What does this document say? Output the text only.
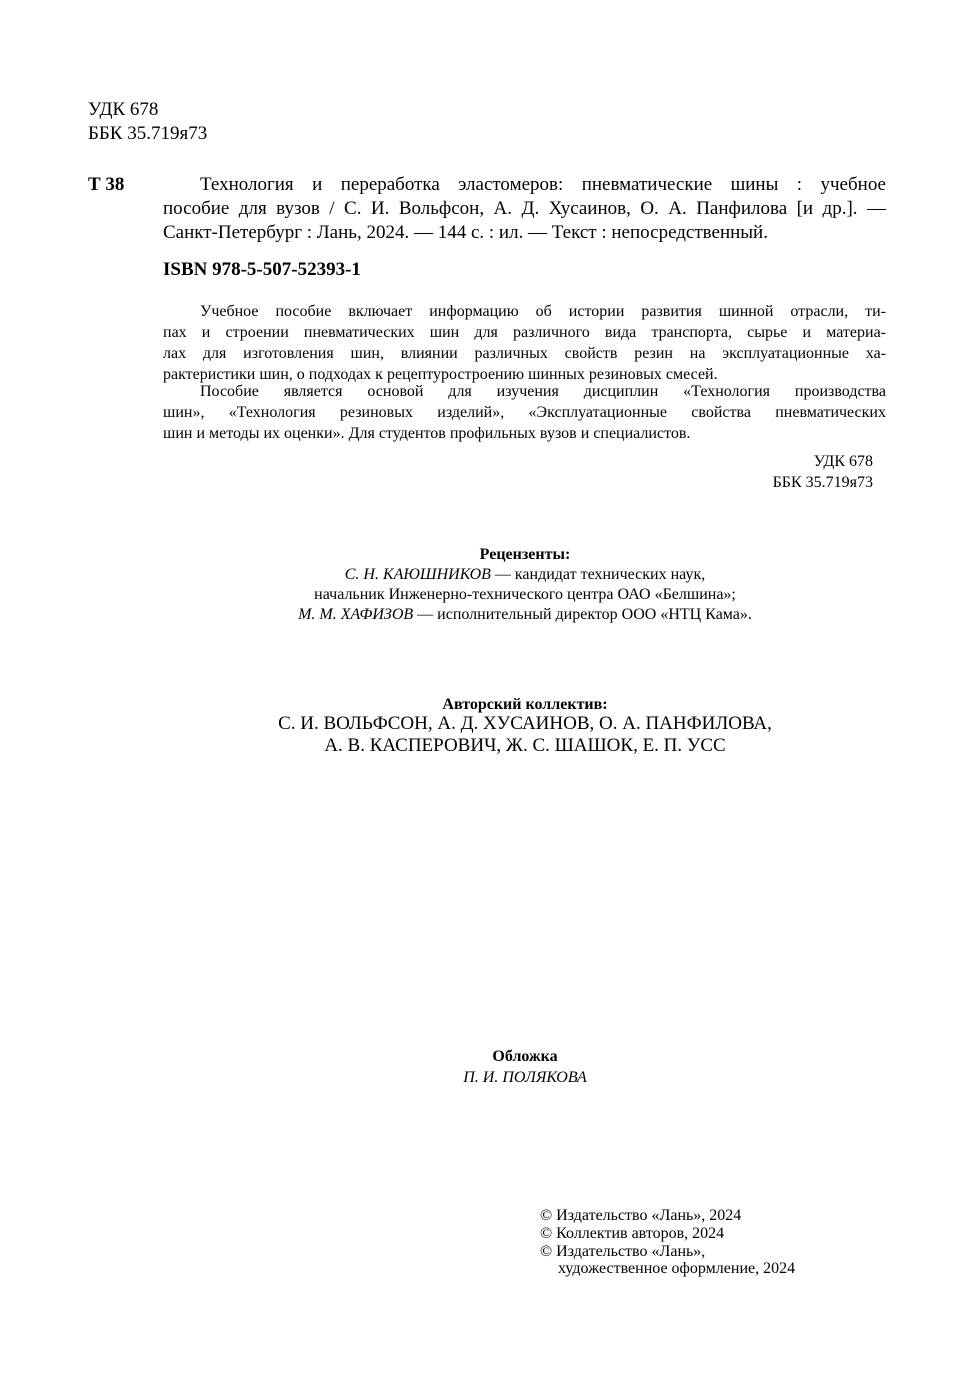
УДК 678
ББК 35.719я73
Т 38	Технология и переработка эластомеров: пневматические шины : учебное
пособие для вузов / С. И. Вольфсон, А. Д. Хусаинов, О. А. Панфилова [и др.]. —
Санкт-Петербург : Лань, 2024. — 144 с. : ил. — Текст : непосредственный.
ISBN 978-5-507-52393-1
Учебное пособие включает информацию об истории развития шинной отрасли, ти-
пах и строении пневматических шин для различного вида транспорта, сырье и материа-
лах для изготовления шин, влиянии различных свойств резин на эксплуатационные ха-
рактеристики шин, о подходах к рецептуростроению шинных резиновых смесей.
Пособие является основой для изучения дисциплин «Технология производства
шин», «Технология резиновых изделий», «Эксплуатационные свойства пневматических
шин и методы их оценки». Для студентов профильных вузов и специалистов.
УДК 678
ББК 35.719я73
Рецензенты:
С. Н. КАЮШНИКОВ — кандидат технических наук,
начальник Инженерно-технического центра ОАО «Белшина»;
М. М. ХАФИЗОВ — исполнительный директор ООО «НТЦ Кама».
Авторский коллектив:
С. И. ВОЛЬФСОН, А. Д. ХУСАИНОВ, О. А. ПАНФИЛОВА,
А. В. КАСПЕРОВИЧ, Ж. С. ШАШОК, Е. П. УСС
Обложка
П. И. ПОЛЯКОВА
© Издательство «Лань», 2024
© Коллектив авторов, 2024
© Издательство «Лань»,
художественное оформление, 2024
